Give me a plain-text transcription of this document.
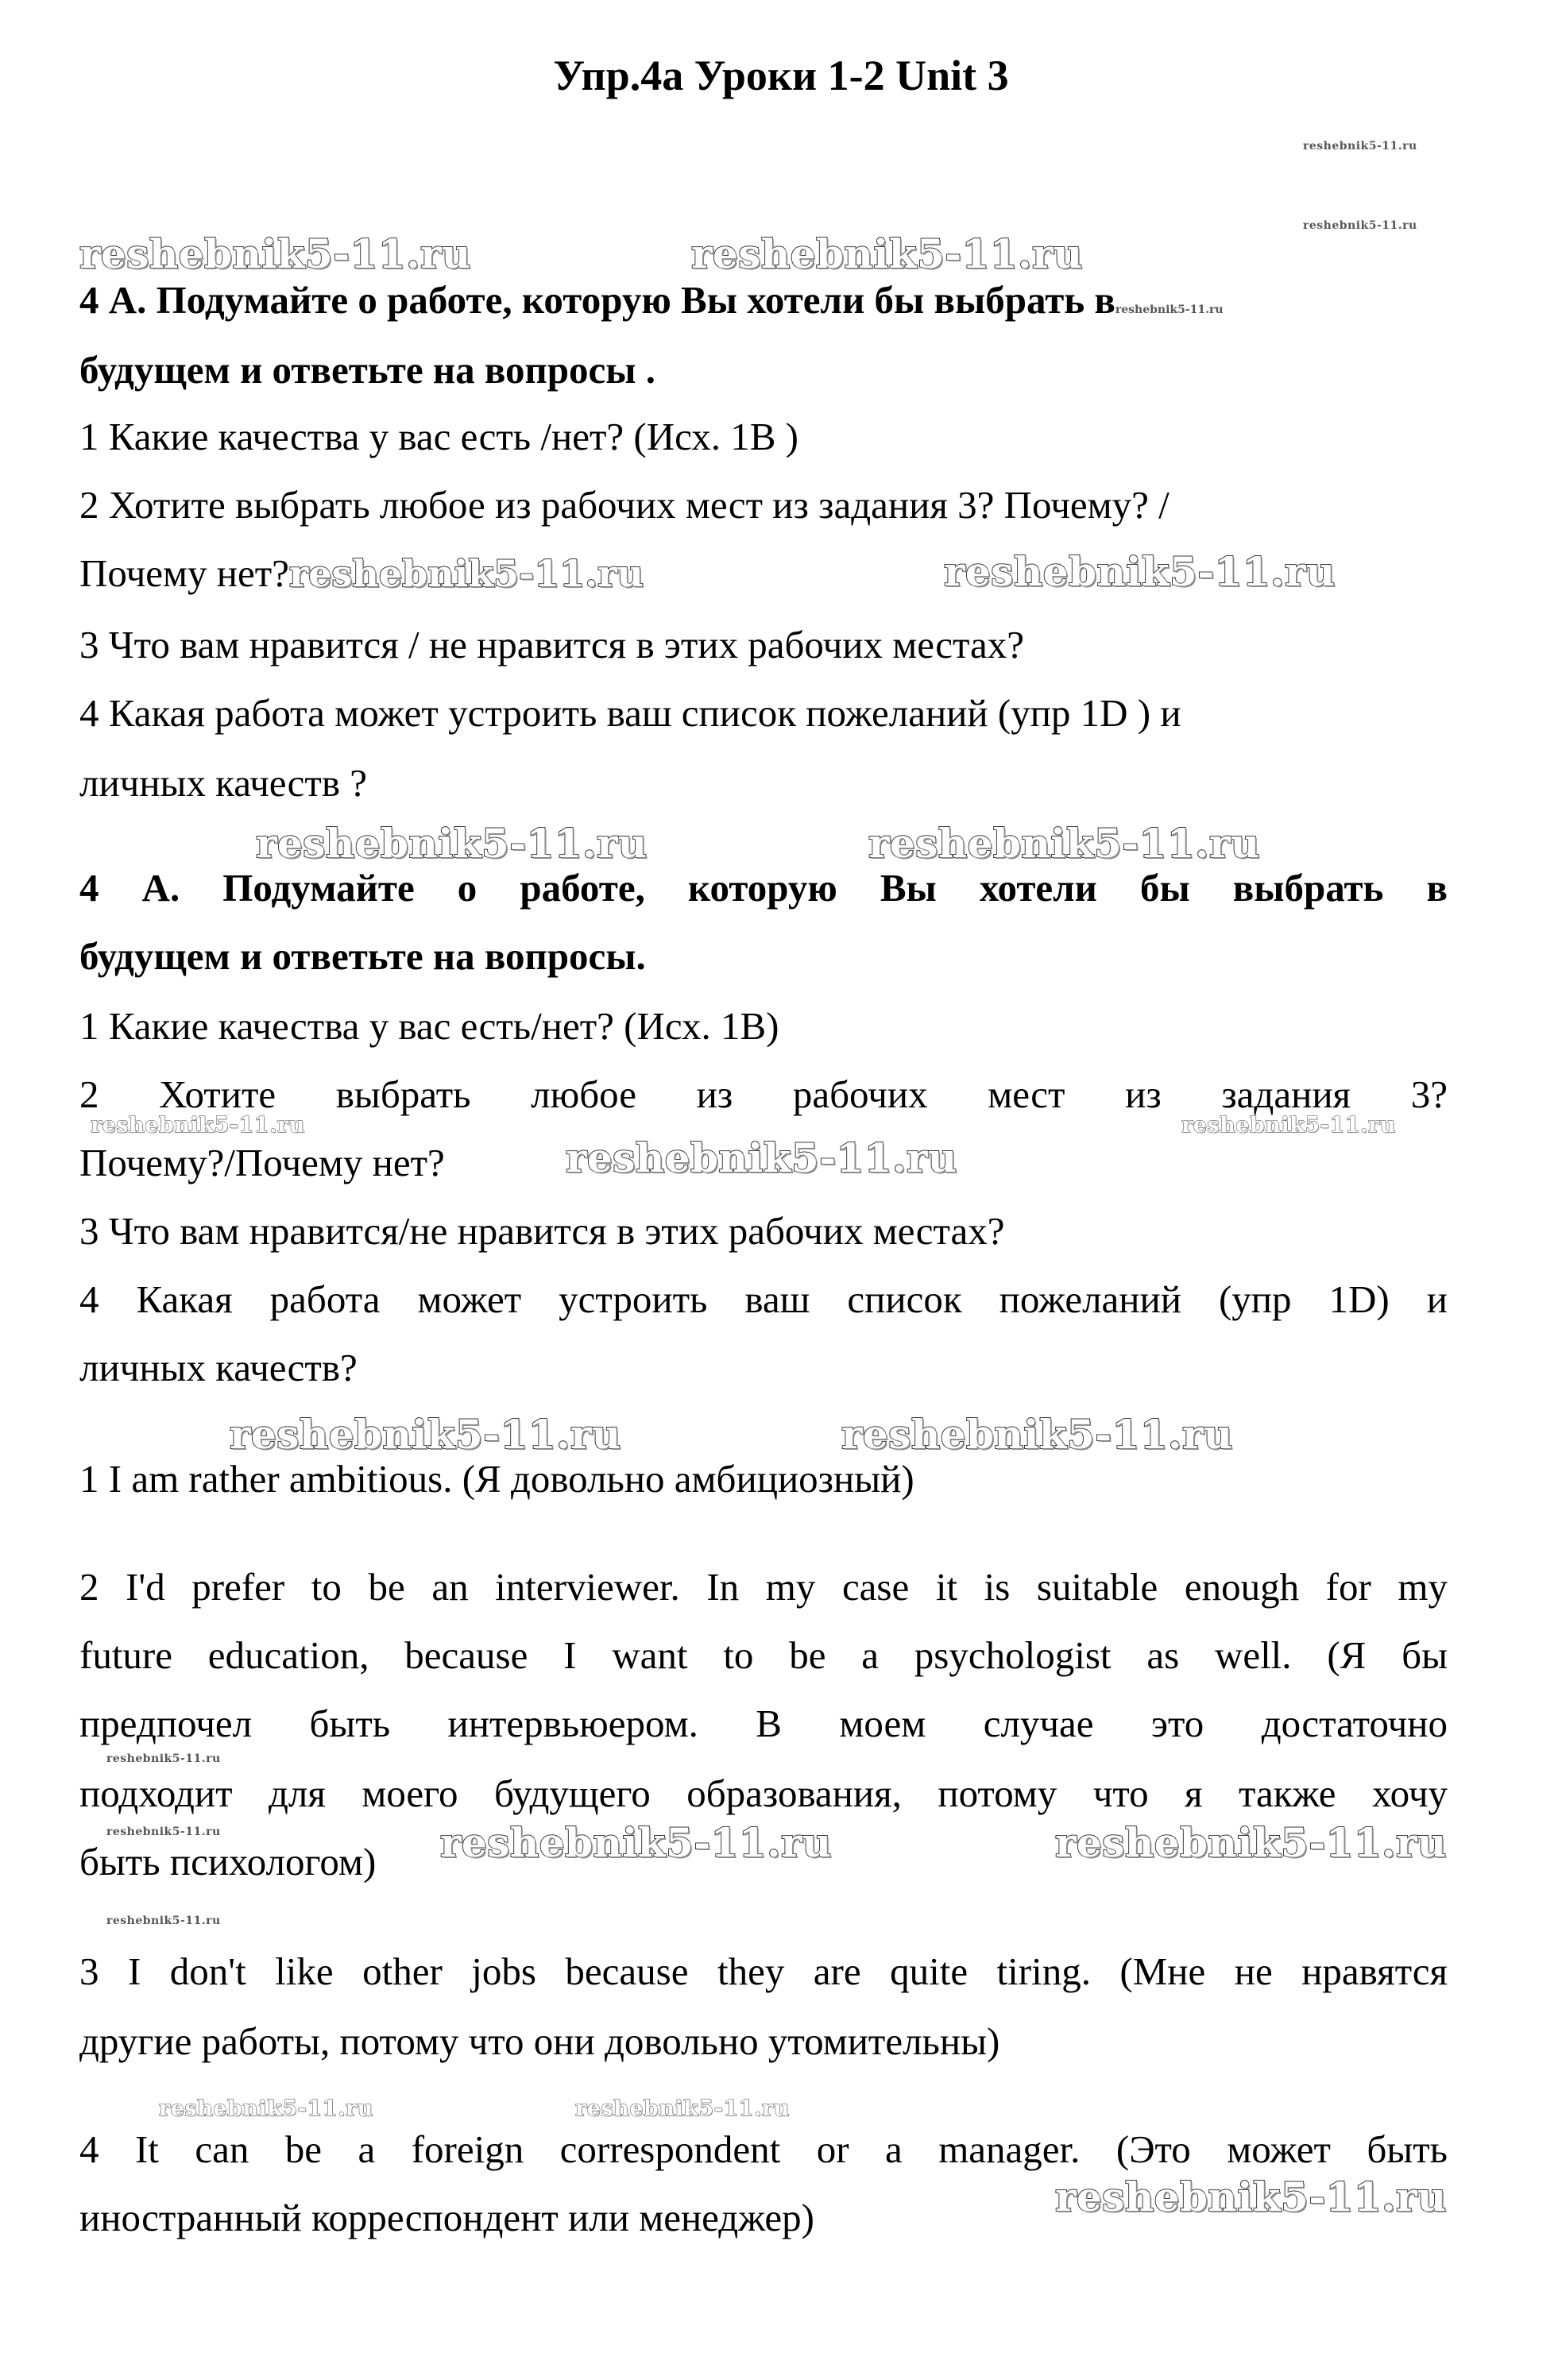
Упр.4а Уроки 1-2 Unit 3
reshebnik5-11.ru
reshebnik5-11.ru
reshebnik5-11.ru	reshebnik5-11.ru
4 А. Подумайте о работе, которую Вы хотели бы выбрать вreshebnik5-11.ru
будущем и ответьте на вопросы .
1 Какие качества у вас есть /нет? (Исх. 1В )
2 Хотите выбрать любое из рабочих мест из задания 3? Почему? /
Почему нет?reshebnik5-11.ru	reshebnik5-11.ru
3 Что вам нравится / не нравится в этих рабочих местах?
4 Какая работа может устроить ваш список пожеланий (упр 1D ) и
личных качеств ?
reshebnik5-11.ru	reshebnik5-11.ru
4 А. Подумайте о работе, которую Вы хотели бы выбрать в
будущем и ответьте на вопросы.
1 Какие качества у вас есть/нет? (Исх. 1В)
2 Хотите выбрать любое из рабочих мест из задания 3?
reshebnik5-11.ru	reshebnik5-11.ru
Почему?/Почему нет?	reshebnik5-11.ru
3 Что вам нравится/не нравится в этих рабочих местах?
4 Какая работа может устроить ваш список пожеланий (упр 1D) и
личных качеств?
reshebnik5-11.ru	reshebnik5-11.ru
1 I am rather ambitious. (Я довольно амбициозный)
2 I'd prefer to be an interviewer. In my case it is suitable enough for my
future education, because I want to be a psychologist as well. (Я бы
предпочел быть интервьюером. В моем случае это достаточно
reshebnik5-11.ru
подходит для моего будущего образования, потому что я также хочу
reshebnik5-11.ru
быть психологом)	reshebnik5-11.ru	reshebnik5-11.ru
reshebnik5-11.ru
3 I don't like other jobs because they are quite tiring. (Мне не нравятся
другие работы, потому что они довольно утомительны)
reshebnik5-11.ru	reshebnik5-11.ru
4 It can be a foreign correspondent or a manager. (Это может быть
иностранный корреспондент или менеджер)	reshebnik5-11.ru
